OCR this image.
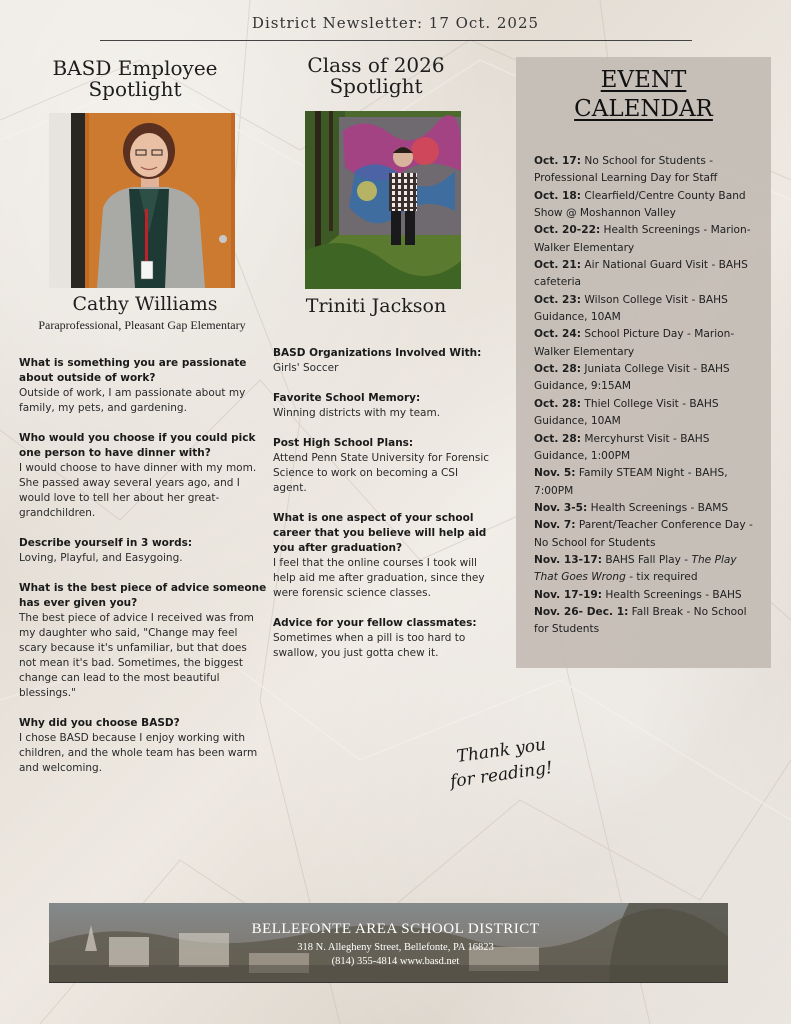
District Newsletter: 17 Oct. 2025
BASD Employee
Spotlight
Cathy Williams
Paraprofessional, Pleasant Gap Elementary
What is something you are passionate about outside of work?
Outside of work, I am passionate about my family, my pets, and gardening.
Who would you choose if you could pick one person to have dinner with?
I would choose to have dinner with my mom. She passed away several years ago, and I would love to tell her about her great-grandchildren.
Describe yourself in 3 words:
Loving, Playful, and Easygoing.
What is the best piece of advice someone has ever given you?
The best piece of advice I received was from my daughter who said, "Change may feel scary because it's unfamiliar, but that does not mean it's bad. Sometimes, the biggest change can lead to the most beautiful blessings."
Why did you choose BASD?
I chose BASD because I enjoy working with children, and the whole team has been warm and welcoming.
Class of 2026
Spotlight
Triniti Jackson
BASD Organizations Involved With:
Girls' Soccer
Favorite School Memory:
Winning districts with my team.
Post High School Plans:
Attend Penn State University for Forensic Science to work on becoming a CSI agent.
What is one aspect of your school career that you believe will help aid you after graduation?
I feel that the online courses I took will help aid me after graduation, since they were forensic science classes.
Advice for your fellow classmates:
Sometimes when a pill is too hard to swallow, you just gotta chew it.
EVENT
CALENDAR
Oct. 17: No School for Students - Professional Learning Day for Staff
Oct. 18: Clearfield/Centre County Band Show @ Moshannon Valley
Oct. 20-22: Health Screenings - Marion-Walker Elementary
Oct. 21: Air National Guard Visit - BAHS cafeteria
Oct. 23: Wilson College Visit - BAHS Guidance, 10AM
Oct. 24: School Picture Day - Marion-Walker Elementary
Oct. 28: Juniata College Visit - BAHS Guidance, 9:15AM
Oct. 28: Thiel College Visit - BAHS Guidance, 10AM
Oct. 28: Mercyhurst Visit - BAHS Guidance, 1:00PM
Nov. 5: Family STEAM Night - BAHS, 7:00PM
Nov. 3-5: Health Screenings - BAMS
Nov. 7: Parent/Teacher Conference Day - No School for Students
Nov. 13-17: BAHS Fall Play - The Play That Goes Wrong - tix required
Nov. 17-19: Health Screenings - BAHS
Nov. 26- Dec. 1: Fall Break - No School for Students
Thank you
for reading!
BELLEFONTE AREA SCHOOL DISTRICT
318 N. Allegheny Street, Bellefonte, PA 16823
(814) 355-4814 www.basd.net
